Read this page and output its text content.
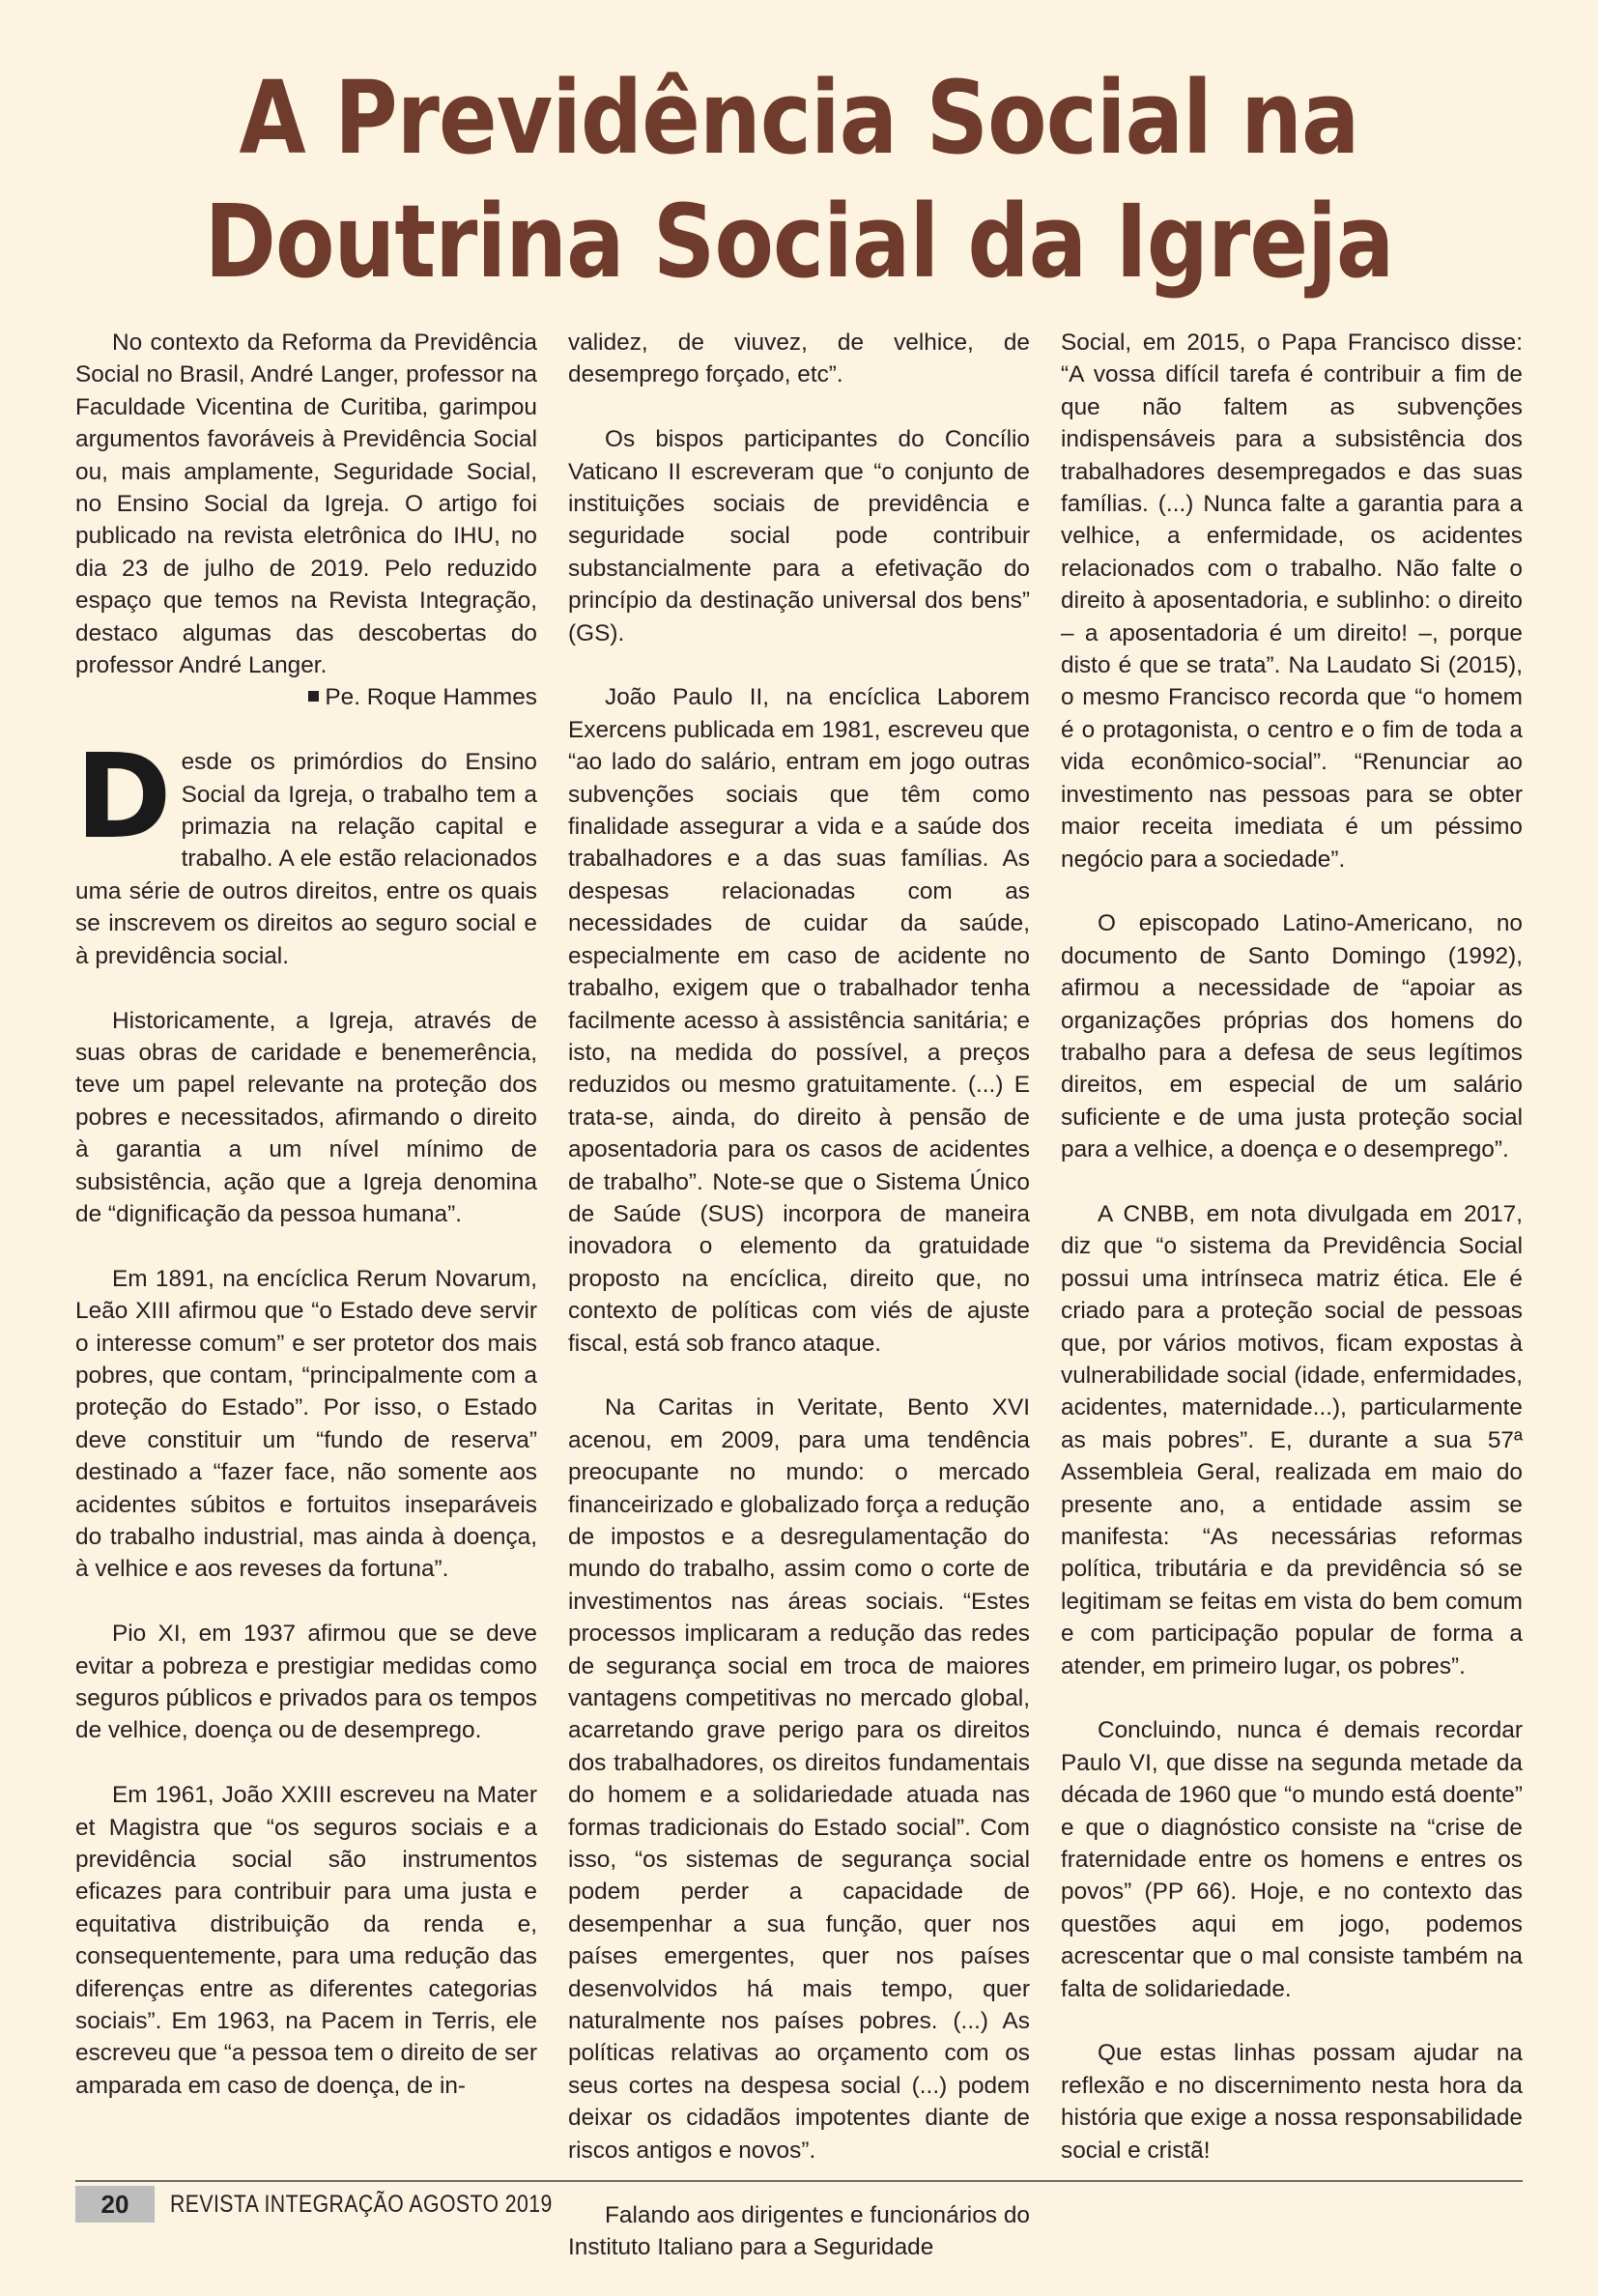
A Previdência Social na
Doutrina Social da Igreja

No contexto da Reforma da Previdência Social no Brasil, André Langer, professor na Faculdade Vicentina de Curitiba, garimpou argumentos favoráveis à Previdência Social ou, mais amplamente, Seguridade Social, no Ensino Social da Igreja. O artigo foi publicado na revista eletrônica do IHU, no dia 23 de julho de 2019. Pelo reduzido espaço que temos na Revista Integração, destaco algumas das descobertas do professor André Langer.

Pe. Roque Hammes

Desde os primórdios do Ensino Social da Igreja, o trabalho tem a primazia na relação capital e trabalho. A ele estão relacionados uma série de outros direitos, entre os quais se inscrevem os direitos ao seguro social e à previdência social.

Historicamente, a Igreja, através de suas obras de caridade e benemerência, teve um papel relevante na proteção dos pobres e necessitados, afirmando o direito à garantia a um nível mínimo de subsistência, ação que a Igreja denomina de “dignificação da pessoa humana”.

Em 1891, na encíclica Rerum Novarum, Leão XIII afirmou que “o Estado deve servir o interesse comum” e ser protetor dos mais pobres, que contam, “principalmente com a proteção do Estado”. Por isso, o Estado deve constituir um “fundo de reserva” destinado a “fazer face, não somente aos acidentes súbitos e fortuitos inseparáveis do trabalho industrial, mas ainda à doença, à velhice e aos reveses da fortuna”.

Pio XI, em 1937 afirmou que se deve evitar a pobreza e prestigiar medidas como seguros públicos e privados para os tempos de velhice, doença ou de desemprego.

Em 1961, João XXIII escreveu na Mater et Magistra que “os seguros sociais e a previdência social são instrumentos eficazes para contribuir para uma justa e equitativa distribuição da renda e, consequentemente, para uma redução das diferenças entre as diferentes categorias sociais”. Em 1963, na Pacem in Terris, ele escreveu que “a pessoa tem o direito de ser amparada em caso de doença, de in-

validez, de viuvez, de velhice, de desemprego forçado, etc”.

Os bispos participantes do Concílio Vaticano II escreveram que “o conjunto de instituições sociais de previdência e seguridade social pode contribuir substancialmente para a efetivação do princípio da destinação universal dos bens” (GS).

João Paulo II, na encíclica Laborem Exercens publicada em 1981, escreveu que “ao lado do salário, entram em jogo outras subvenções sociais que têm como finalidade assegurar a vida e a saúde dos trabalhadores e a das suas famílias. As despesas relacionadas com as necessidades de cuidar da saúde, especialmente em caso de acidente no trabalho, exigem que o trabalhador tenha facilmente acesso à assistência sanitária; e isto, na medida do possível, a preços reduzidos ou mesmo gratuitamente. (...) E trata-se, ainda, do direito à pensão de aposentadoria para os casos de acidentes de trabalho”. Note-se que o Sistema Único de Saúde (SUS) incorpora de maneira inovadora o elemento da gratuidade proposto na encíclica, direito que, no contexto de políticas com viés de ajuste fiscal, está sob franco ataque.

Na Caritas in Veritate, Bento XVI acenou, em 2009, para uma tendência preocupante no mundo: o mercado financeirizado e globalizado força a redução de impostos e a desregulamentação do mundo do trabalho, assim como o corte de investimentos nas áreas sociais. “Estes processos implicaram a redução das redes de segurança social em troca de maiores vantagens competitivas no mercado global, acarretando grave perigo para os direitos dos trabalhadores, os direitos fundamentais do homem e a solidariedade atuada nas formas tradicionais do Estado social”. Com isso, “os sistemas de segurança social podem perder a capacidade de desempenhar a sua função, quer nos países emergentes, quer nos países desenvolvidos há mais tempo, quer naturalmente nos países pobres. (...) As políticas relativas ao orçamento com os seus cortes na despesa social (...) podem deixar os cidadãos impotentes diante de riscos antigos e novos”.

Falando aos dirigentes e funcionários do Instituto Italiano para a Seguridade

Social, em 2015, o Papa Francisco disse: “A vossa difícil tarefa é contribuir a fim de que não faltem as subvenções indispensáveis para a subsistência dos trabalhadores desempregados e das suas famílias. (...) Nunca falte a garantia para a velhice, a enfermidade, os acidentes relacionados com o trabalho. Não falte o direito à aposentadoria, e sublinho: o direito – a aposentadoria é um direito! –, porque disto é que se trata”. Na Laudato Si (2015), o mesmo Francisco recorda que “o homem é o protagonista, o centro e o fim de toda a vida econômico-social”. “Renunciar ao investimento nas pessoas para se obter maior receita imediata é um péssimo negócio para a sociedade”.

O episcopado Latino-Americano, no documento de Santo Domingo (1992), afirmou a necessidade de “apoiar as organizações próprias dos homens do trabalho para a defesa de seus legítimos direitos, em especial de um salário suficiente e de uma justa proteção social para a velhice, a doença e o desemprego”.

A CNBB, em nota divulgada em 2017, diz que “o sistema da Previdência Social possui uma intrínseca matriz ética. Ele é criado para a proteção social de pessoas que, por vários motivos, ficam expostas à vulnerabilidade social (idade, enfermidades, acidentes, maternidade...), particularmente as mais pobres”. E, durante a sua 57ª Assembleia Geral, realizada em maio do presente ano, a entidade assim se manifesta: “As necessárias reformas política, tributária e da previdência só se legitimam se feitas em vista do bem comum e com participação popular de forma a atender, em primeiro lugar, os pobres”.

Concluindo, nunca é demais recordar Paulo VI, que disse na segunda metade da década de 1960 que “o mundo está doente” e que o diagnóstico consiste na “crise de fraternidade entre os homens e entres os povos” (PP 66). Hoje, e no contexto das questões aqui em jogo, podemos acrescentar que o mal consiste também na falta de solidariedade.

Que estas linhas possam ajudar na reflexão e no discernimento nesta hora da história que exige a nossa responsabilidade social e cristã!

20	REVISTA INTEGRAÇÃO AGOSTO 2019
